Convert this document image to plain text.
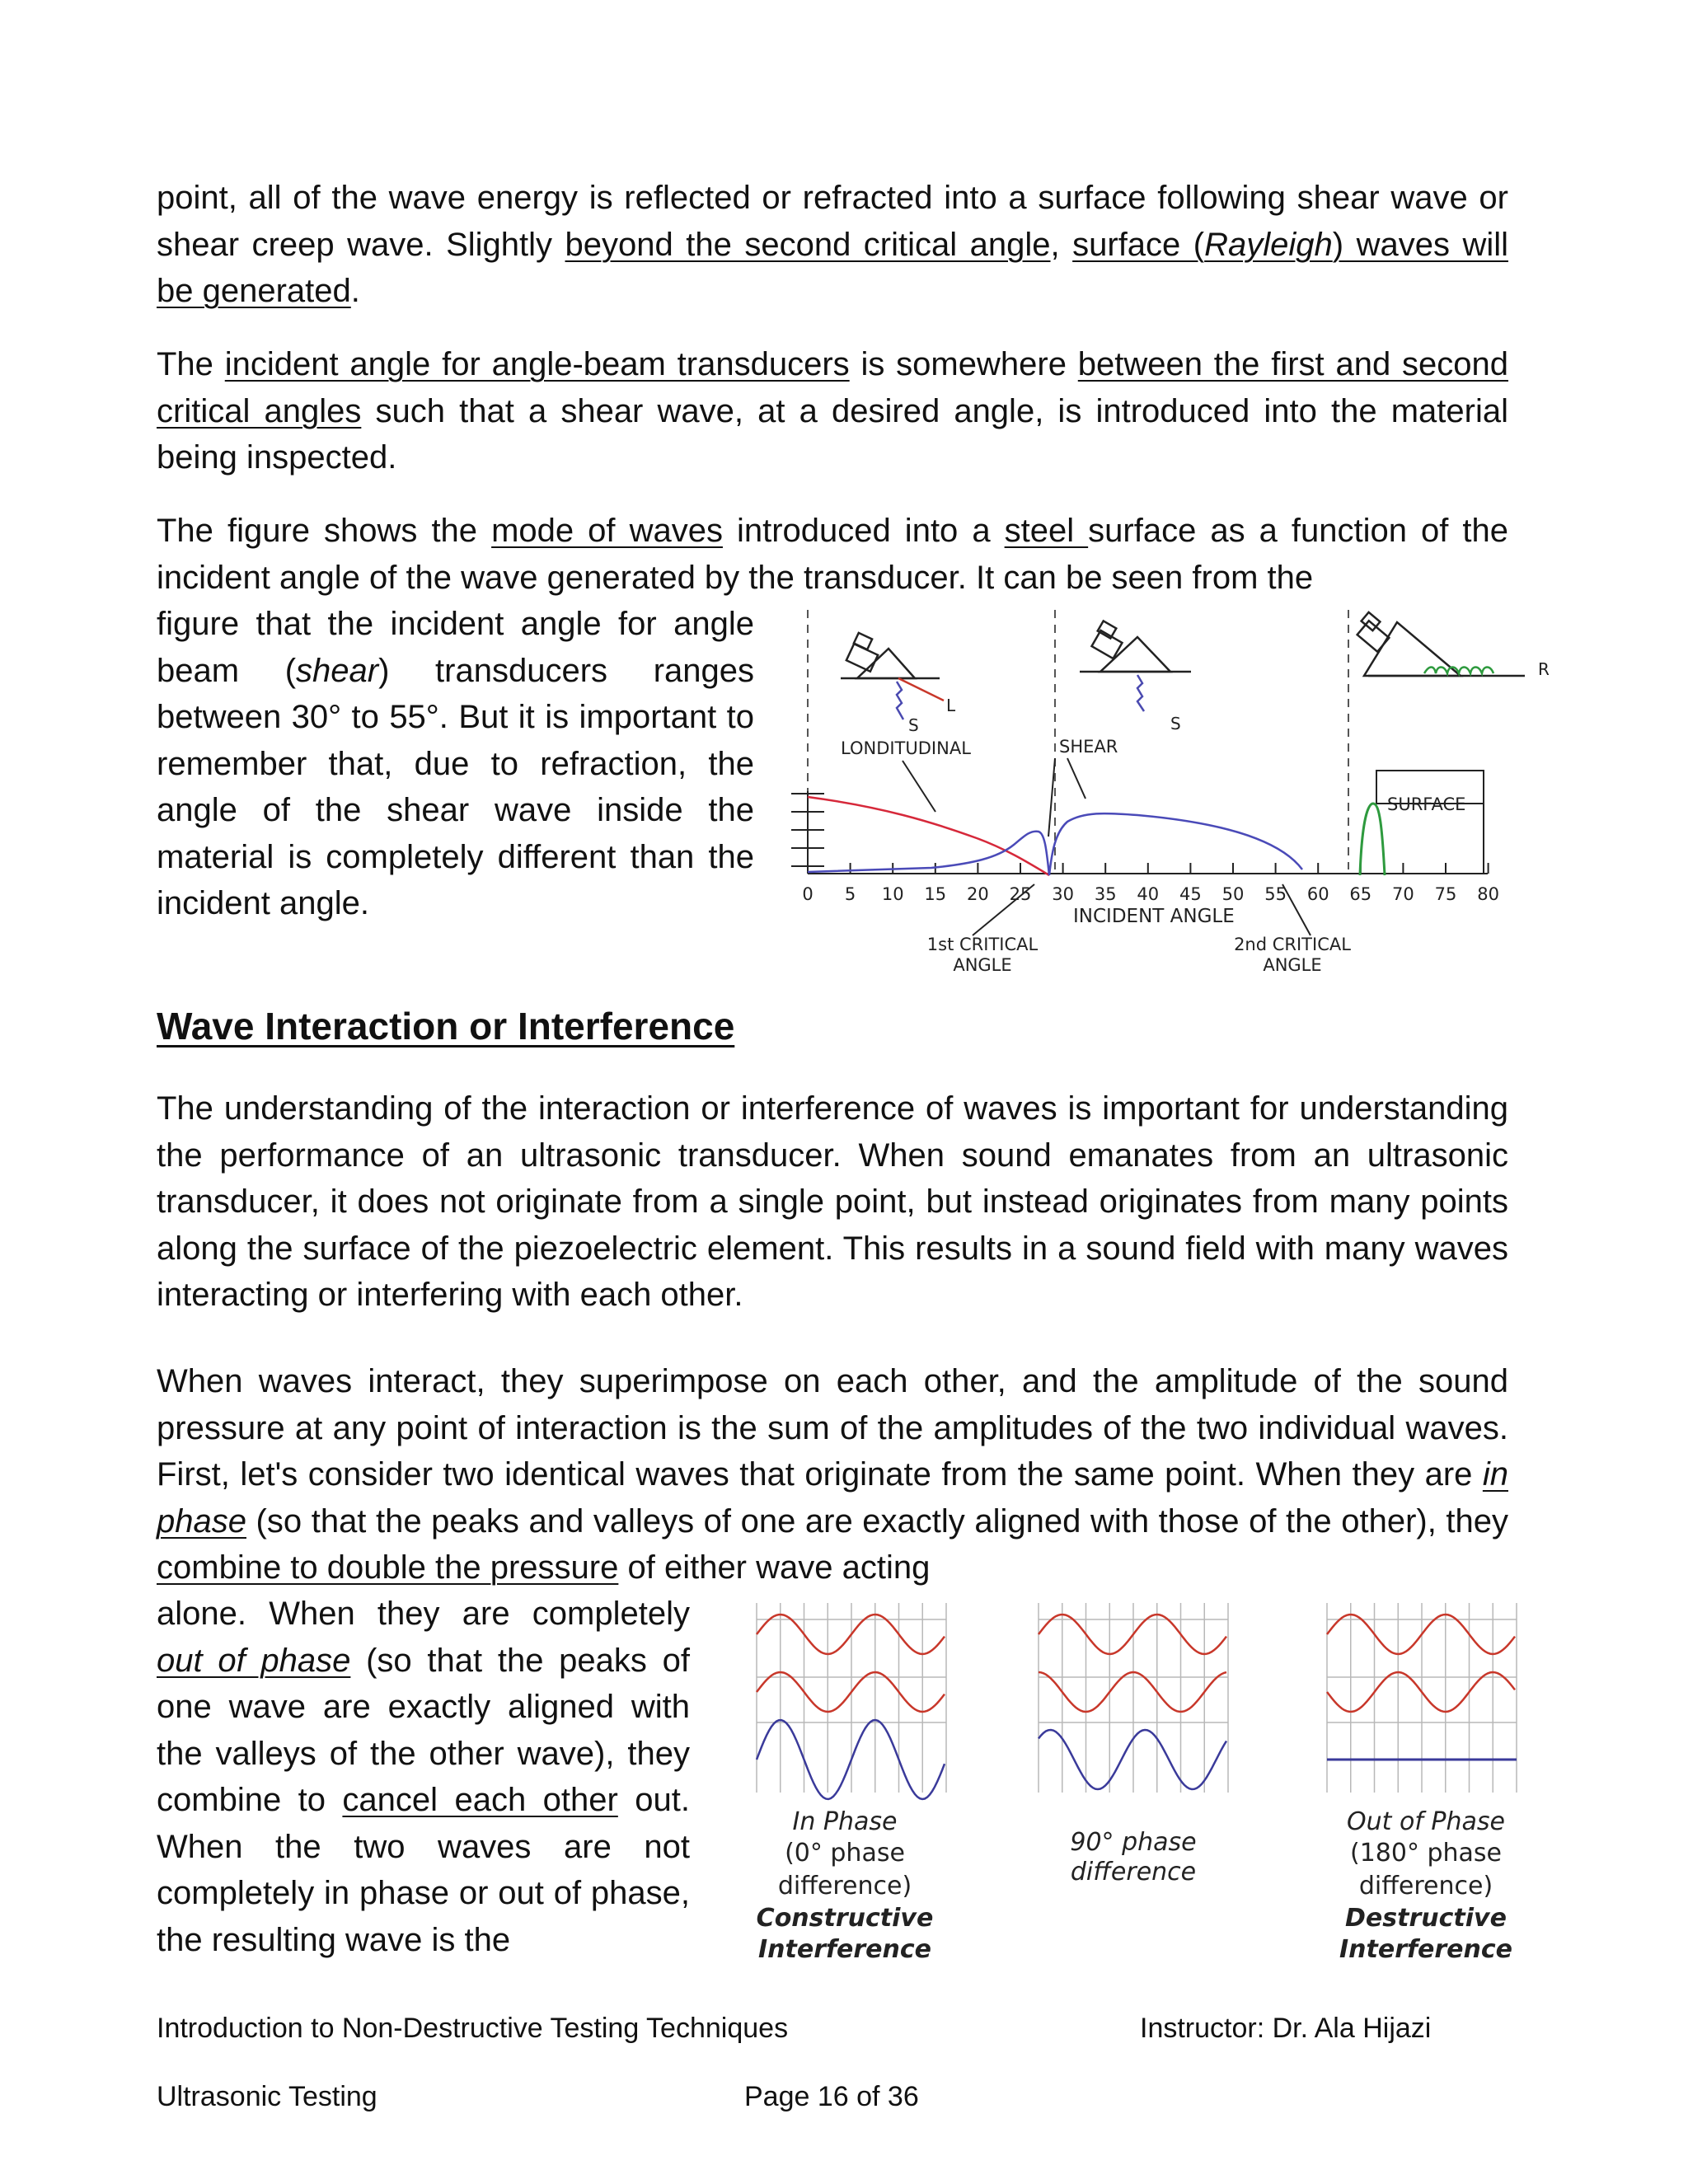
point, all of the wave energy is reflected or refracted into a surface following shear wave or shear creep wave. Slightly beyond the second critical angle, surface (Rayleigh) waves will be generated.

The incident angle for angle-beam transducers is somewhere between the first and second critical angles such that a shear wave, at a desired angle, is introduced into the material being inspected.

The figure shows the mode of waves introduced into a steel surface as a function of the incident angle of the wave generated by the transducer. It can be seen from the

figure that the incident angle for angle beam (shear) transducers ranges between 30° to 55°. But it is important to remember that, due to refraction, the angle of the shear wave inside the material is completely different than the incident angle.

L
S	S
R
LONDITUDINAL	SHEAR
SURFACE
0 5 10 15 20 25 30 35 40 45 50 55 60 65 70 75 80
INCIDENT ANGLE
1st CRITICAL
ANGLE
2nd CRITICAL
ANGLE
Wave Interaction or Interference

The understanding of the interaction or interference of waves is important for understanding the performance of an ultrasonic transducer. When sound emanates from an ultrasonic transducer, it does not originate from a single point, but instead originates from many points along the surface of the piezoelectric element. This results in a sound field with many waves interacting or interfering with each other.

When waves interact, they superimpose on each other, and the amplitude of the sound pressure at any point of interaction is the sum of the amplitudes of the two individual waves. First, let's consider two identical waves that originate from the same point. When they are in phase (so that the peaks and valleys of one are exactly aligned with those of the other), they combine to double the pressure of either wave acting

alone. When they are completely out of phase (so that the peaks of one wave are exactly aligned with the valleys of the other wave), they combine to cancel each other out. When the two waves are not completely in phase or out of phase, the resulting wave is the

In Phase
(0° phase difference)
Constructive
Interference
90° phase difference
Out of Phase
(180° phase difference)
Destructive
Interference
Introduction to Non-Destructive Testing Techniques	Instructor: Dr. Ala Hijazi
Ultrasonic Testing	Page 16 of 36
